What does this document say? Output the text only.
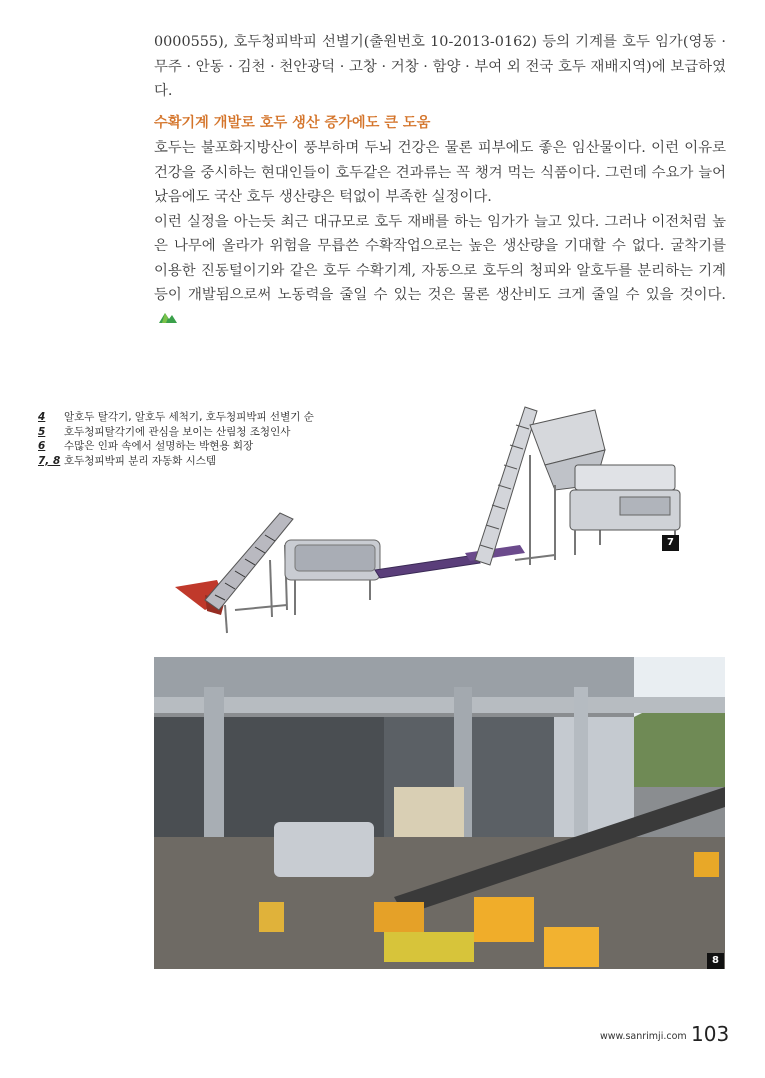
0000555), 호두청피박피 선별기(출원번호 10-2013-0162) 등의 기계를 호두 임가(영동 · 무주 · 안동 · 김천 · 천안광덕 · 고창 · 거창 · 함양 · 부여 외 전국 호두 재배지역)에 보급하였다.
수확기계 개발로 호두 생산 증가에도 큰 도움

호두는 불포화지방산이 풍부하며 두뇌 건강은 물론 피부에도 좋은 임산물이다. 이런 이유로 건강을 중시하는 현대인들이 호두같은 견과류는 꼭 챙겨 먹는 식품이다. 그런데 수요가 늘어났음에도 국산 호두 생산량은 턱없이 부족한 실정이다.

이런 실정을 아는듯 최근 대규모로 호두 재배를 하는 임가가 늘고 있다. 그러나 이전처럼 높은 나무에 올라가 위험을 무릅쓴 수확작업으로는 높은 생산량을 기대할 수 없다. 굴착기를 이용한 진동털이기와 같은 호두 수확기계, 자동으로 호두의 청피와 알호두를 분리하는 기계 등이 개발됨으로써 노동력을 줄일 수 있는 것은 물론 생산비도 크게 줄일 수 있을 것이다.

4	알호두 탈각기, 알호두 세척기, 호두청피박피 선별기 순
5	호두청피탈각기에 관심을 보이는 산림청 조청인사
6	수많은 인파 속에서 설명하는 박현용 회장
7, 8 호두청피박피 분리 자동화 시스템
7
8
www.sanrimji.com 103
